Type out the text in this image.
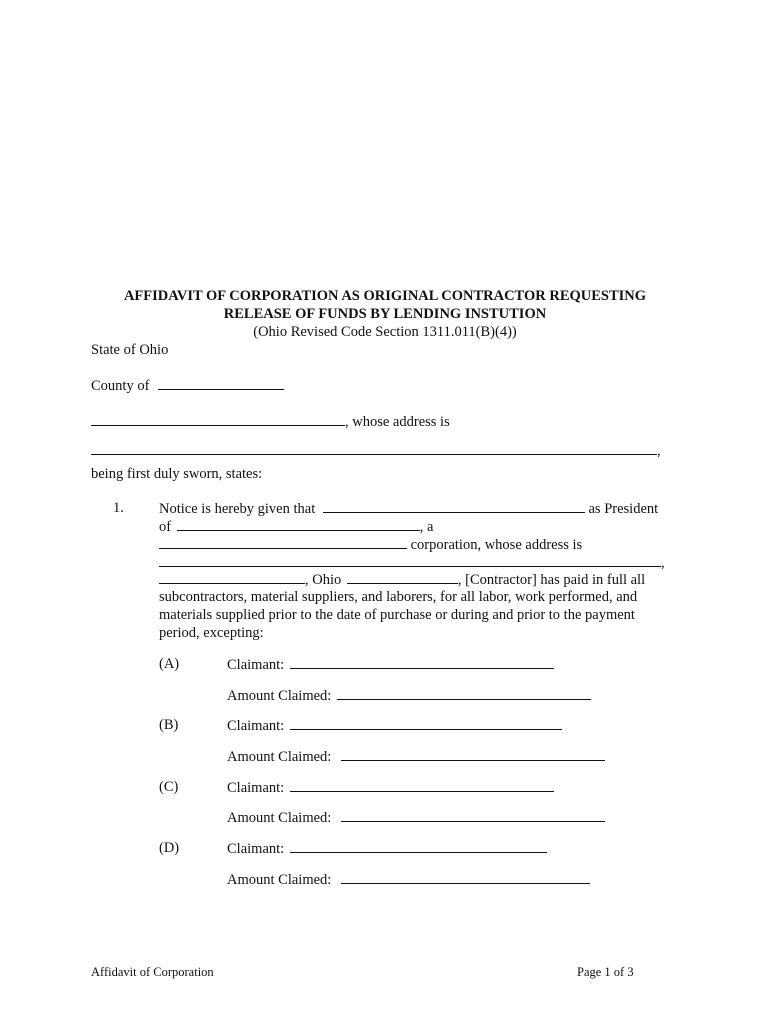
AFFIDAVIT OF CORPORATION AS ORIGINAL CONTRACTOR REQUESTING
RELEASE OF FUNDS BY LENDING INSTUTION
(Ohio Revised Code Section 1311.011(B)(4))
State of Ohio
County of
, whose address is
,
being first duly sworn, states:
1. Notice is hereby given that	as President
of	, a
corporation, whose address is
,
, Ohio	, [Contractor] has paid in full all
subcontractors, material suppliers, and laborers, for all labor, work performed, and
materials supplied prior to the date of purchase or during and prior to the payment
period, excepting:
(A)	Claimant:
Amount Claimed:
(B)	Claimant:
Amount Claimed:
(C)	Claimant:
Amount Claimed:
(D)	Claimant:
Amount Claimed:
Affidavit of Corporation	Page 1 of 3
